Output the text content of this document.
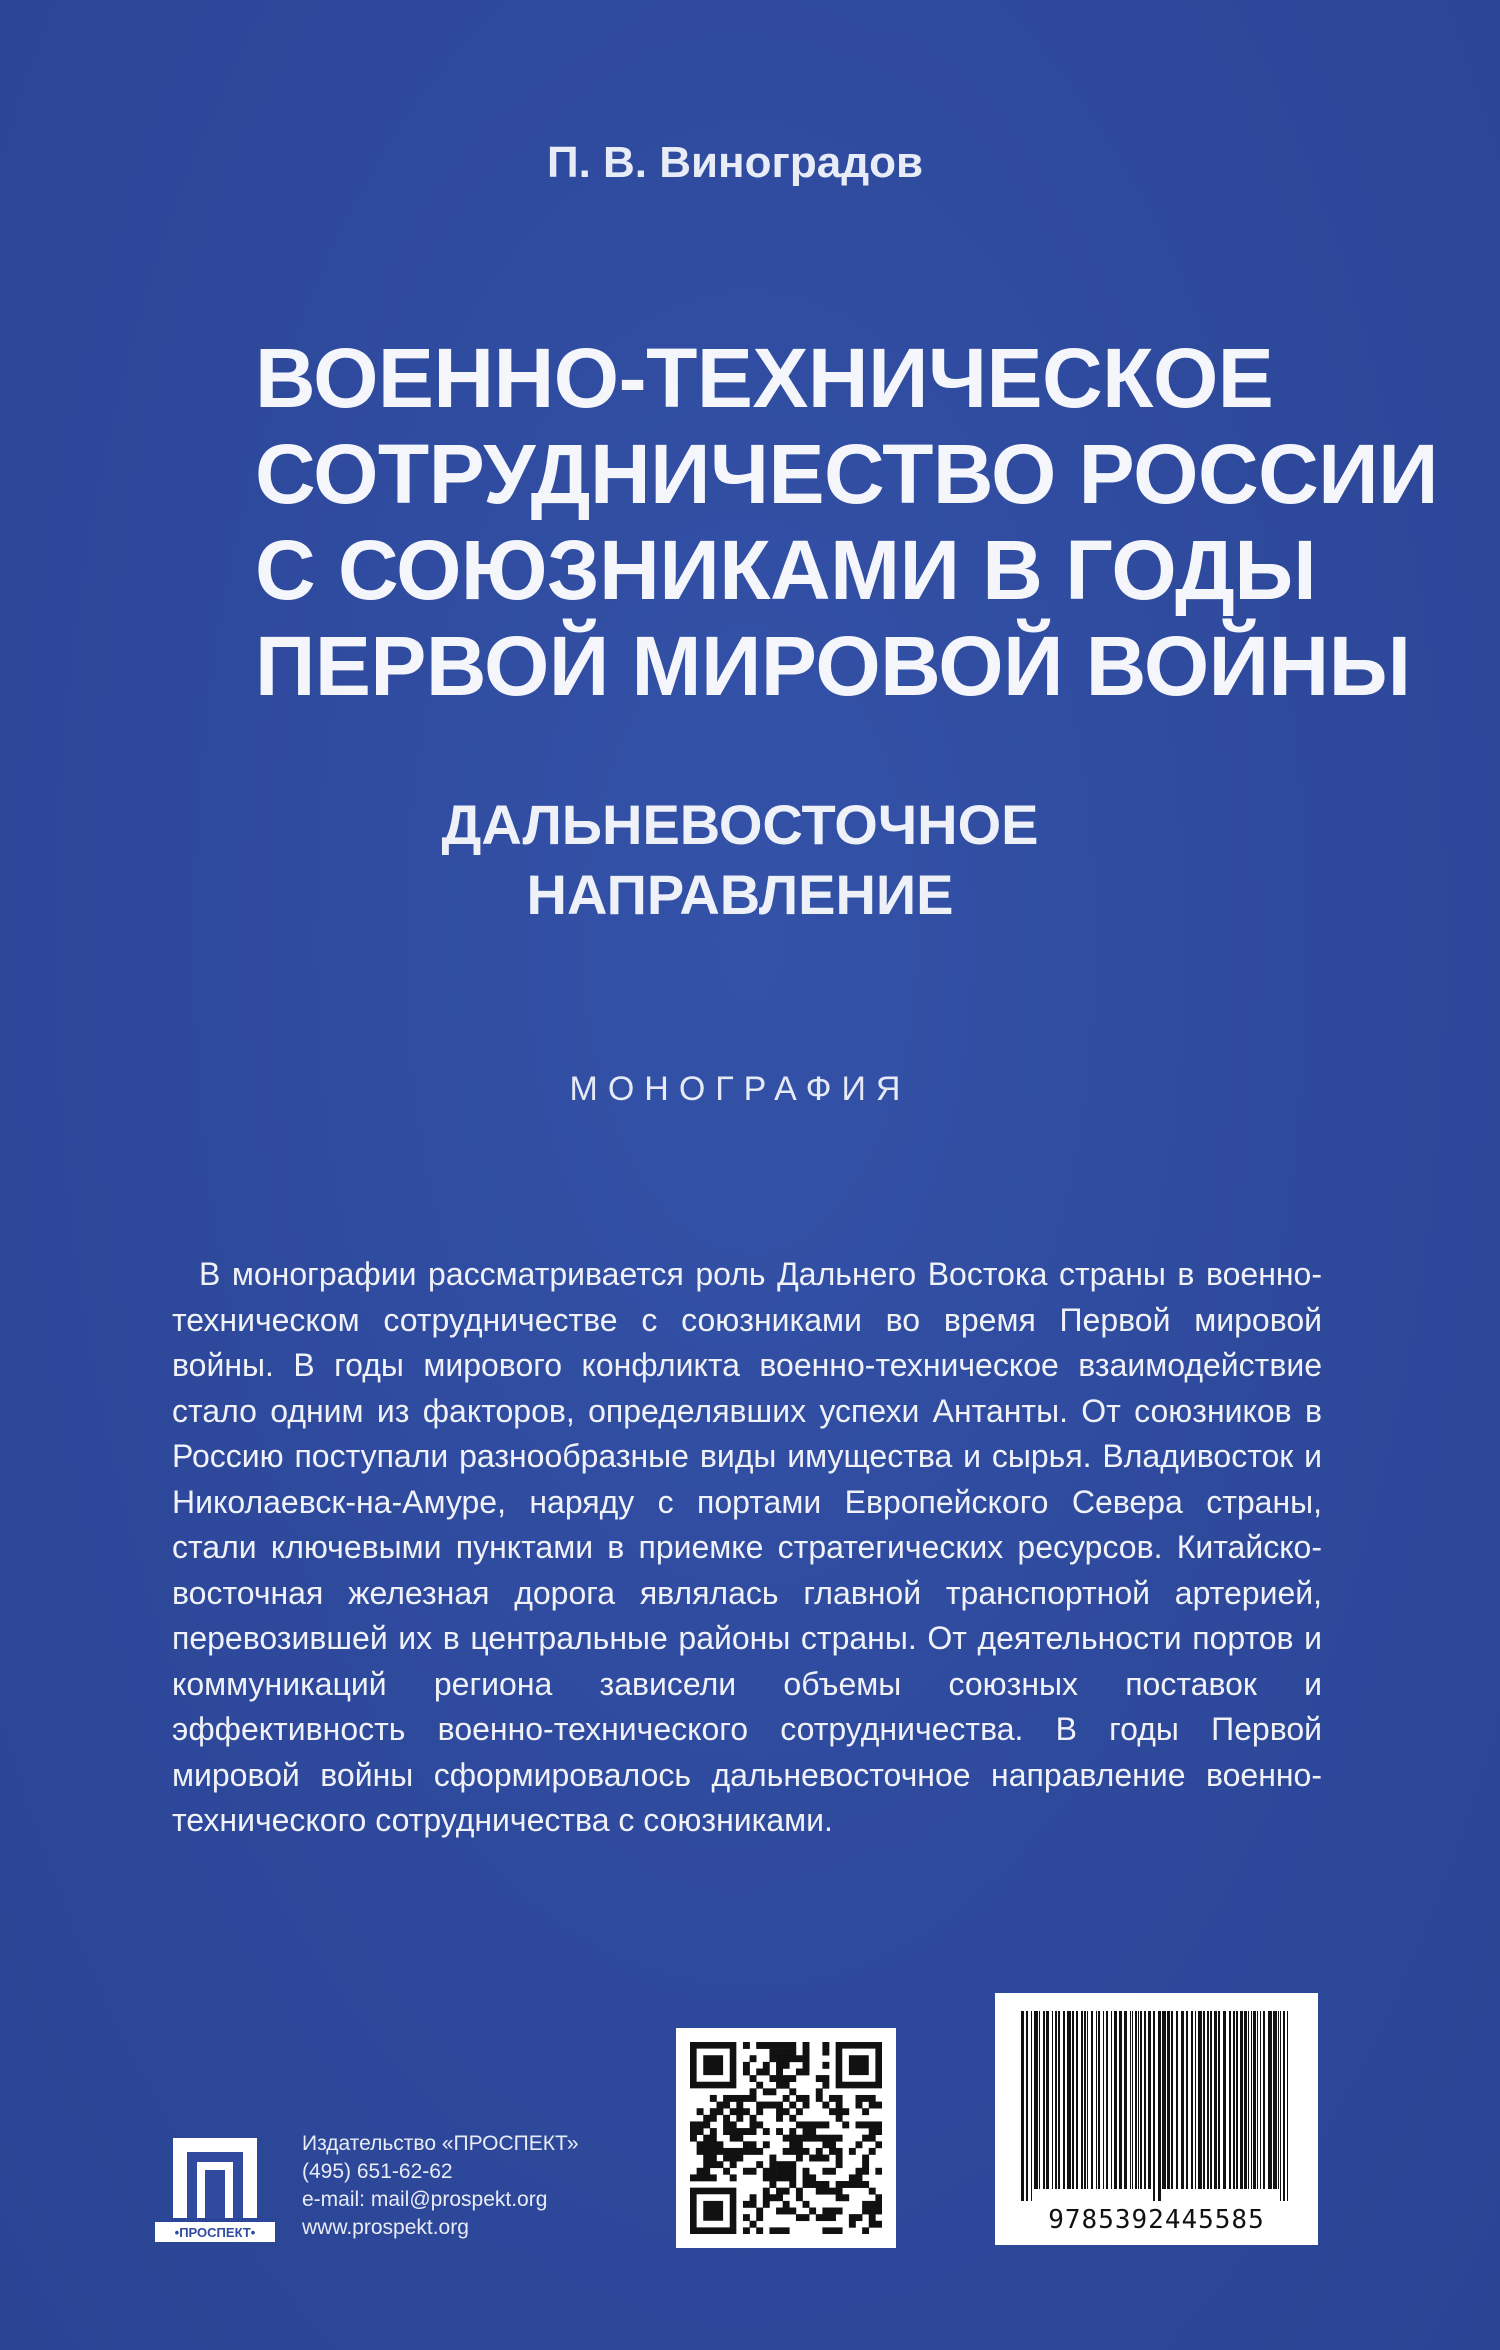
П. В. Виноградов
ВОЕННО-ТЕХНИЧЕСКОЕ
СОТРУДНИЧЕСТВО РОССИИ
С СОЮЗНИКАМИ В ГОДЫ
ПЕРВОЙ МИРОВОЙ ВОЙНЫ
ДАЛЬНЕВОСТОЧНОЕ
НАПРАВЛЕНИЕ
МОНОГРАФИЯ

В монографии рассматривается роль Дальнего Востока страны в военно-техническом сотрудничестве с союзниками во время Первой мировой войны. В годы мирового конфликта военно-техническое взаимодействие стало одним из факторов, определявших успехи Антанты. От союзников в Россию поступали разнообразные виды имущества и сырья. Владивосток и Николаевск-на-Амуре, наряду с портами Европейского Севера страны, стали ключевыми пунктами в приемке стратегических ресурсов. Китайско-восточная железная дорога являлась главной транспортной артерией, перевозившей их в центральные районы страны. От деятельности портов и коммуникаций региона зависели объемы союзных поставок и эффективность военно-технического сотрудничества. В годы Первой мировой войны сформировалось дальневосточное направление военно-технического сотрудничества с союзниками.

•ПРОСПЕКТ•
Издательство «ПРОСПЕКТ»
(495) 651-62-62
e-mail: mail@prospekt.org
www.prospekt.org	9785392445585
